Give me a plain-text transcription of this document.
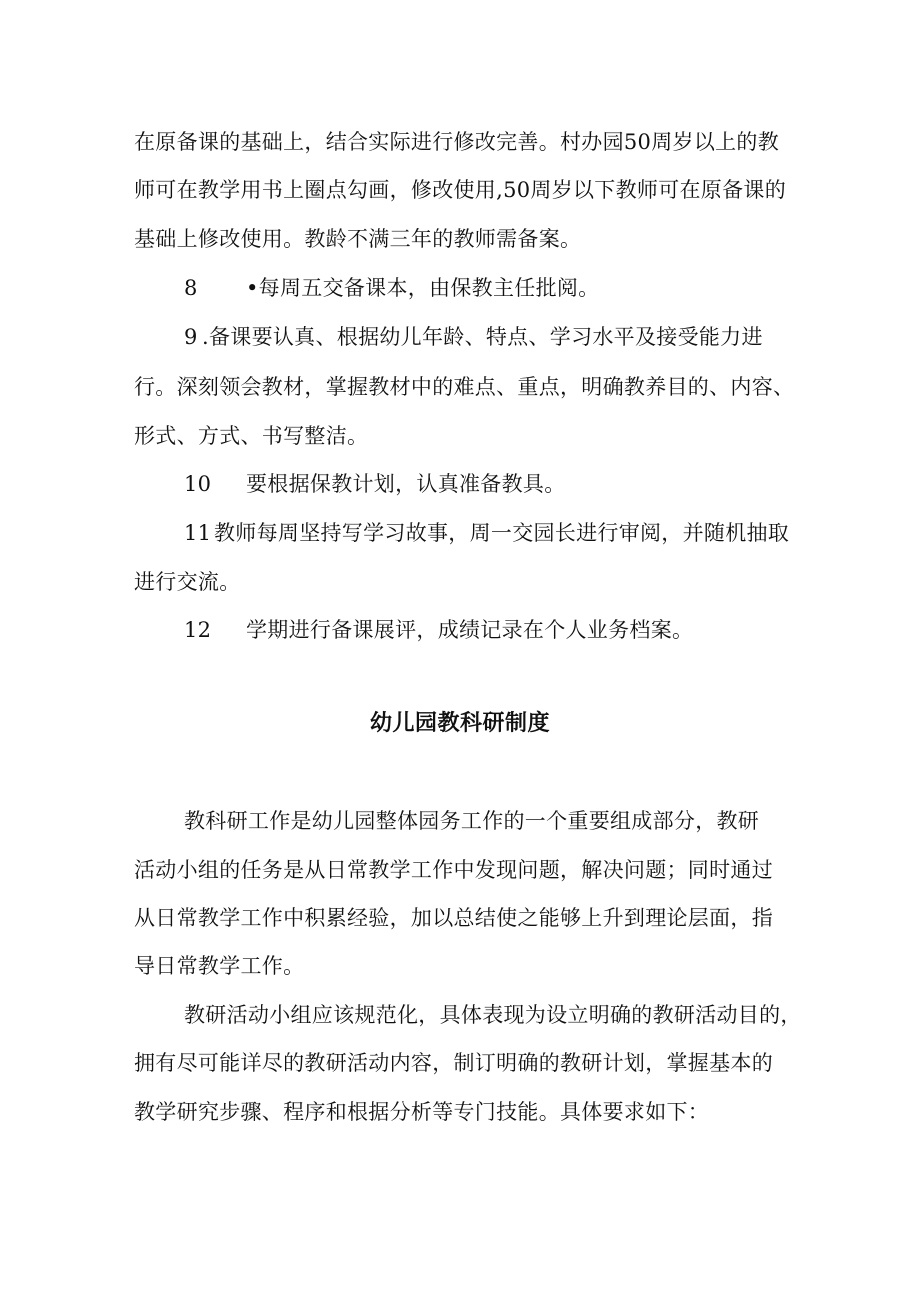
在原备课的基础上，结合实际进行修改完善。村办园50周岁以上的教
师可在教学用书上圈点勾画，修改使用,50周岁以下教师可在原备课的
基础上修改使用。教龄不满三年的教师需备案。
8 •每周五交备课本，由保教主任批阅。
9 .备课要认真、根据幼儿年龄、特点、学习水平及接受能力进
行。深刻领会教材，掌握教材中的难点、重点，明确教养目的、内容、
形式、方式、书写整洁。
10 要根据保教计划，认真准备教具。
11 教师每周坚持写学习故事，周一交园长进行审阅，并随机抽取
进行交流。
12 学期进行备课展评，成绩记录在个人业务档案。
幼儿园教科研制度
教科研工作是幼儿园整体园务工作的一个重要组成部分，教研
活动小组的任务是从日常教学工作中发现问题，解决问题；同时通过
从日常教学工作中积累经验，加以总结使之能够上升到理论层面，指
导日常教学工作。
教研活动小组应该规范化，具体表现为设立明确的教研活动目的，
拥有尽可能详尽的教研活动内容，制订明确的教研计划，掌握基本的
教学研究步骤、程序和根据分析等专门技能。具体要求如下：
